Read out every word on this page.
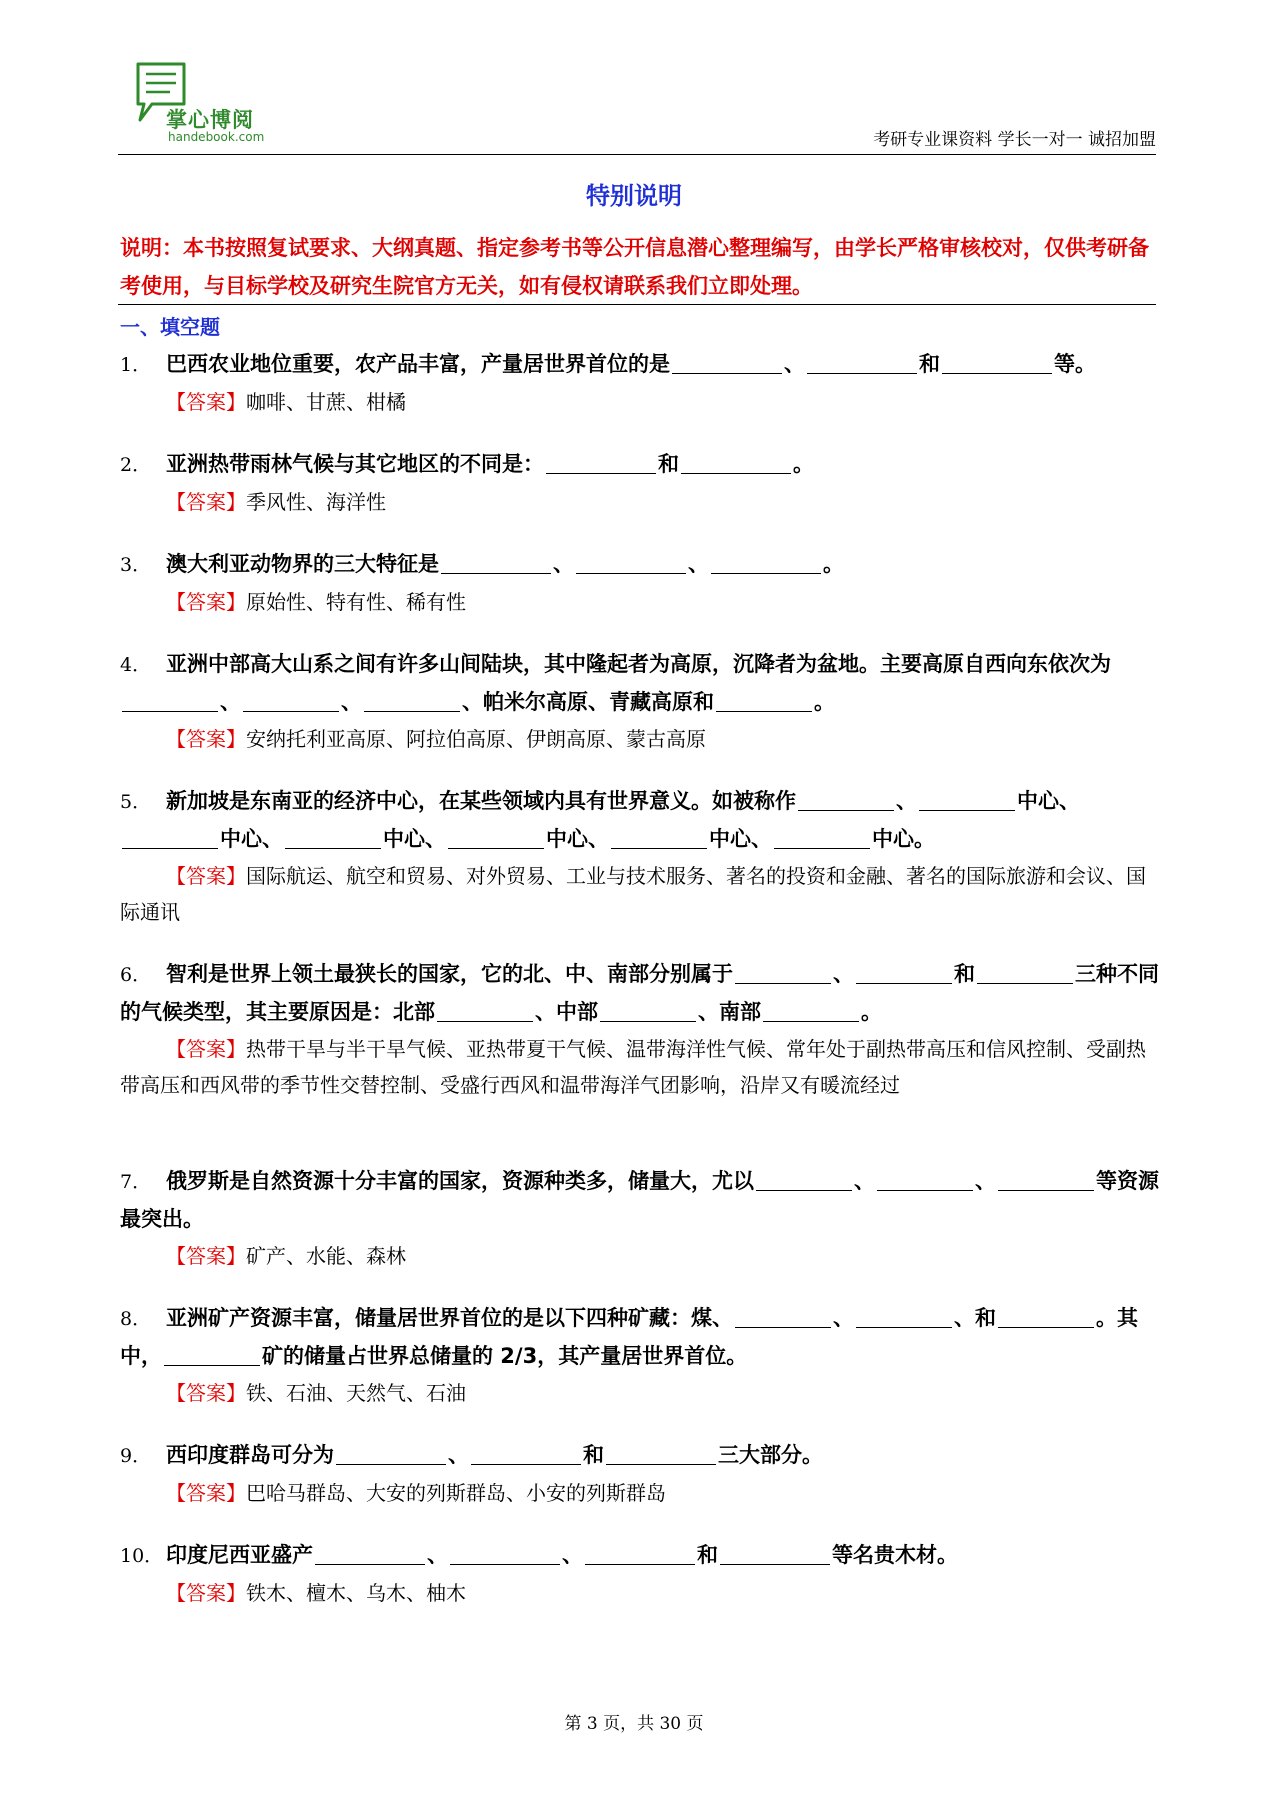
掌心博阅
handebook.com	考研专业课资料 学长一对一 诚招加盟
特别说明
说明：本书按照复试要求、大纲真题、指定参考书等公开信息潜心整理编写，由学长严格审核校对，仅供考研备考使用，与目标学校及研究生院官方无关，如有侵权请联系我们立即处理。
一、填空题
1． 巴西农业地位重要，农产品丰富，产量居世界首位的是	、	和	等。
【答案】咖啡、甘蔗、柑橘
2． 亚洲热带雨林气候与其它地区的不同是：	和	。
【答案】季风性、海洋性
3． 澳大利亚动物界的三大特征是	、	、	。
【答案】原始性、特有性、稀有性
4． 亚洲中部高大山系之间有许多山间陆块，其中隆起者为高原，沉降者为盆地。主要高原自西向东依次为、	、	、帕米尔高原、青藏高原和	。
【答案】安纳托利亚高原、阿拉伯高原、伊朗高原、蒙古高原
5． 新加坡是东南亚的经济中心，在某些领域内具有世界意义。如被称作	、	中心、中心、	中心、	中心、	中心、	中心。
【答案】国际航运、航空和贸易、对外贸易、工业与技术服务、著名的投资和金融、著名的国际旅游和会议、国际通讯
6． 智利是世界上领土最狭长的国家，它的北、中、南部分别属于	、	和	三种不同的气候类型，其主要原因是：北部	、中部	、南部	。
【答案】热带干旱与半干旱气候、亚热带夏干气候、温带海洋性气候、常年处于副热带高压和信风控制、受副热带高压和西风带的季节性交替控制、受盛行西风和温带海洋气团影响，沿岸又有暖流经过
7． 俄罗斯是自然资源十分丰富的国家，资源种类多，储量大，尤以	、	、	等资源最突出。
【答案】矿产、水能、森林
8． 亚洲矿产资源丰富，储量居世界首位的是以下四种矿藏：煤、	、	、和	。其中，	矿的储量占世界总储量的 2/3，其产量居世界首位。
【答案】铁、石油、天然气、石油
9． 西印度群岛可分为	、	和	三大部分。
【答案】巴哈马群岛、大安的列斯群岛、小安的列斯群岛
10． 印度尼西亚盛产	、	、	和	等名贵木材。
【答案】铁木、檀木、乌木、柚木
第 3 页，共 30 页
